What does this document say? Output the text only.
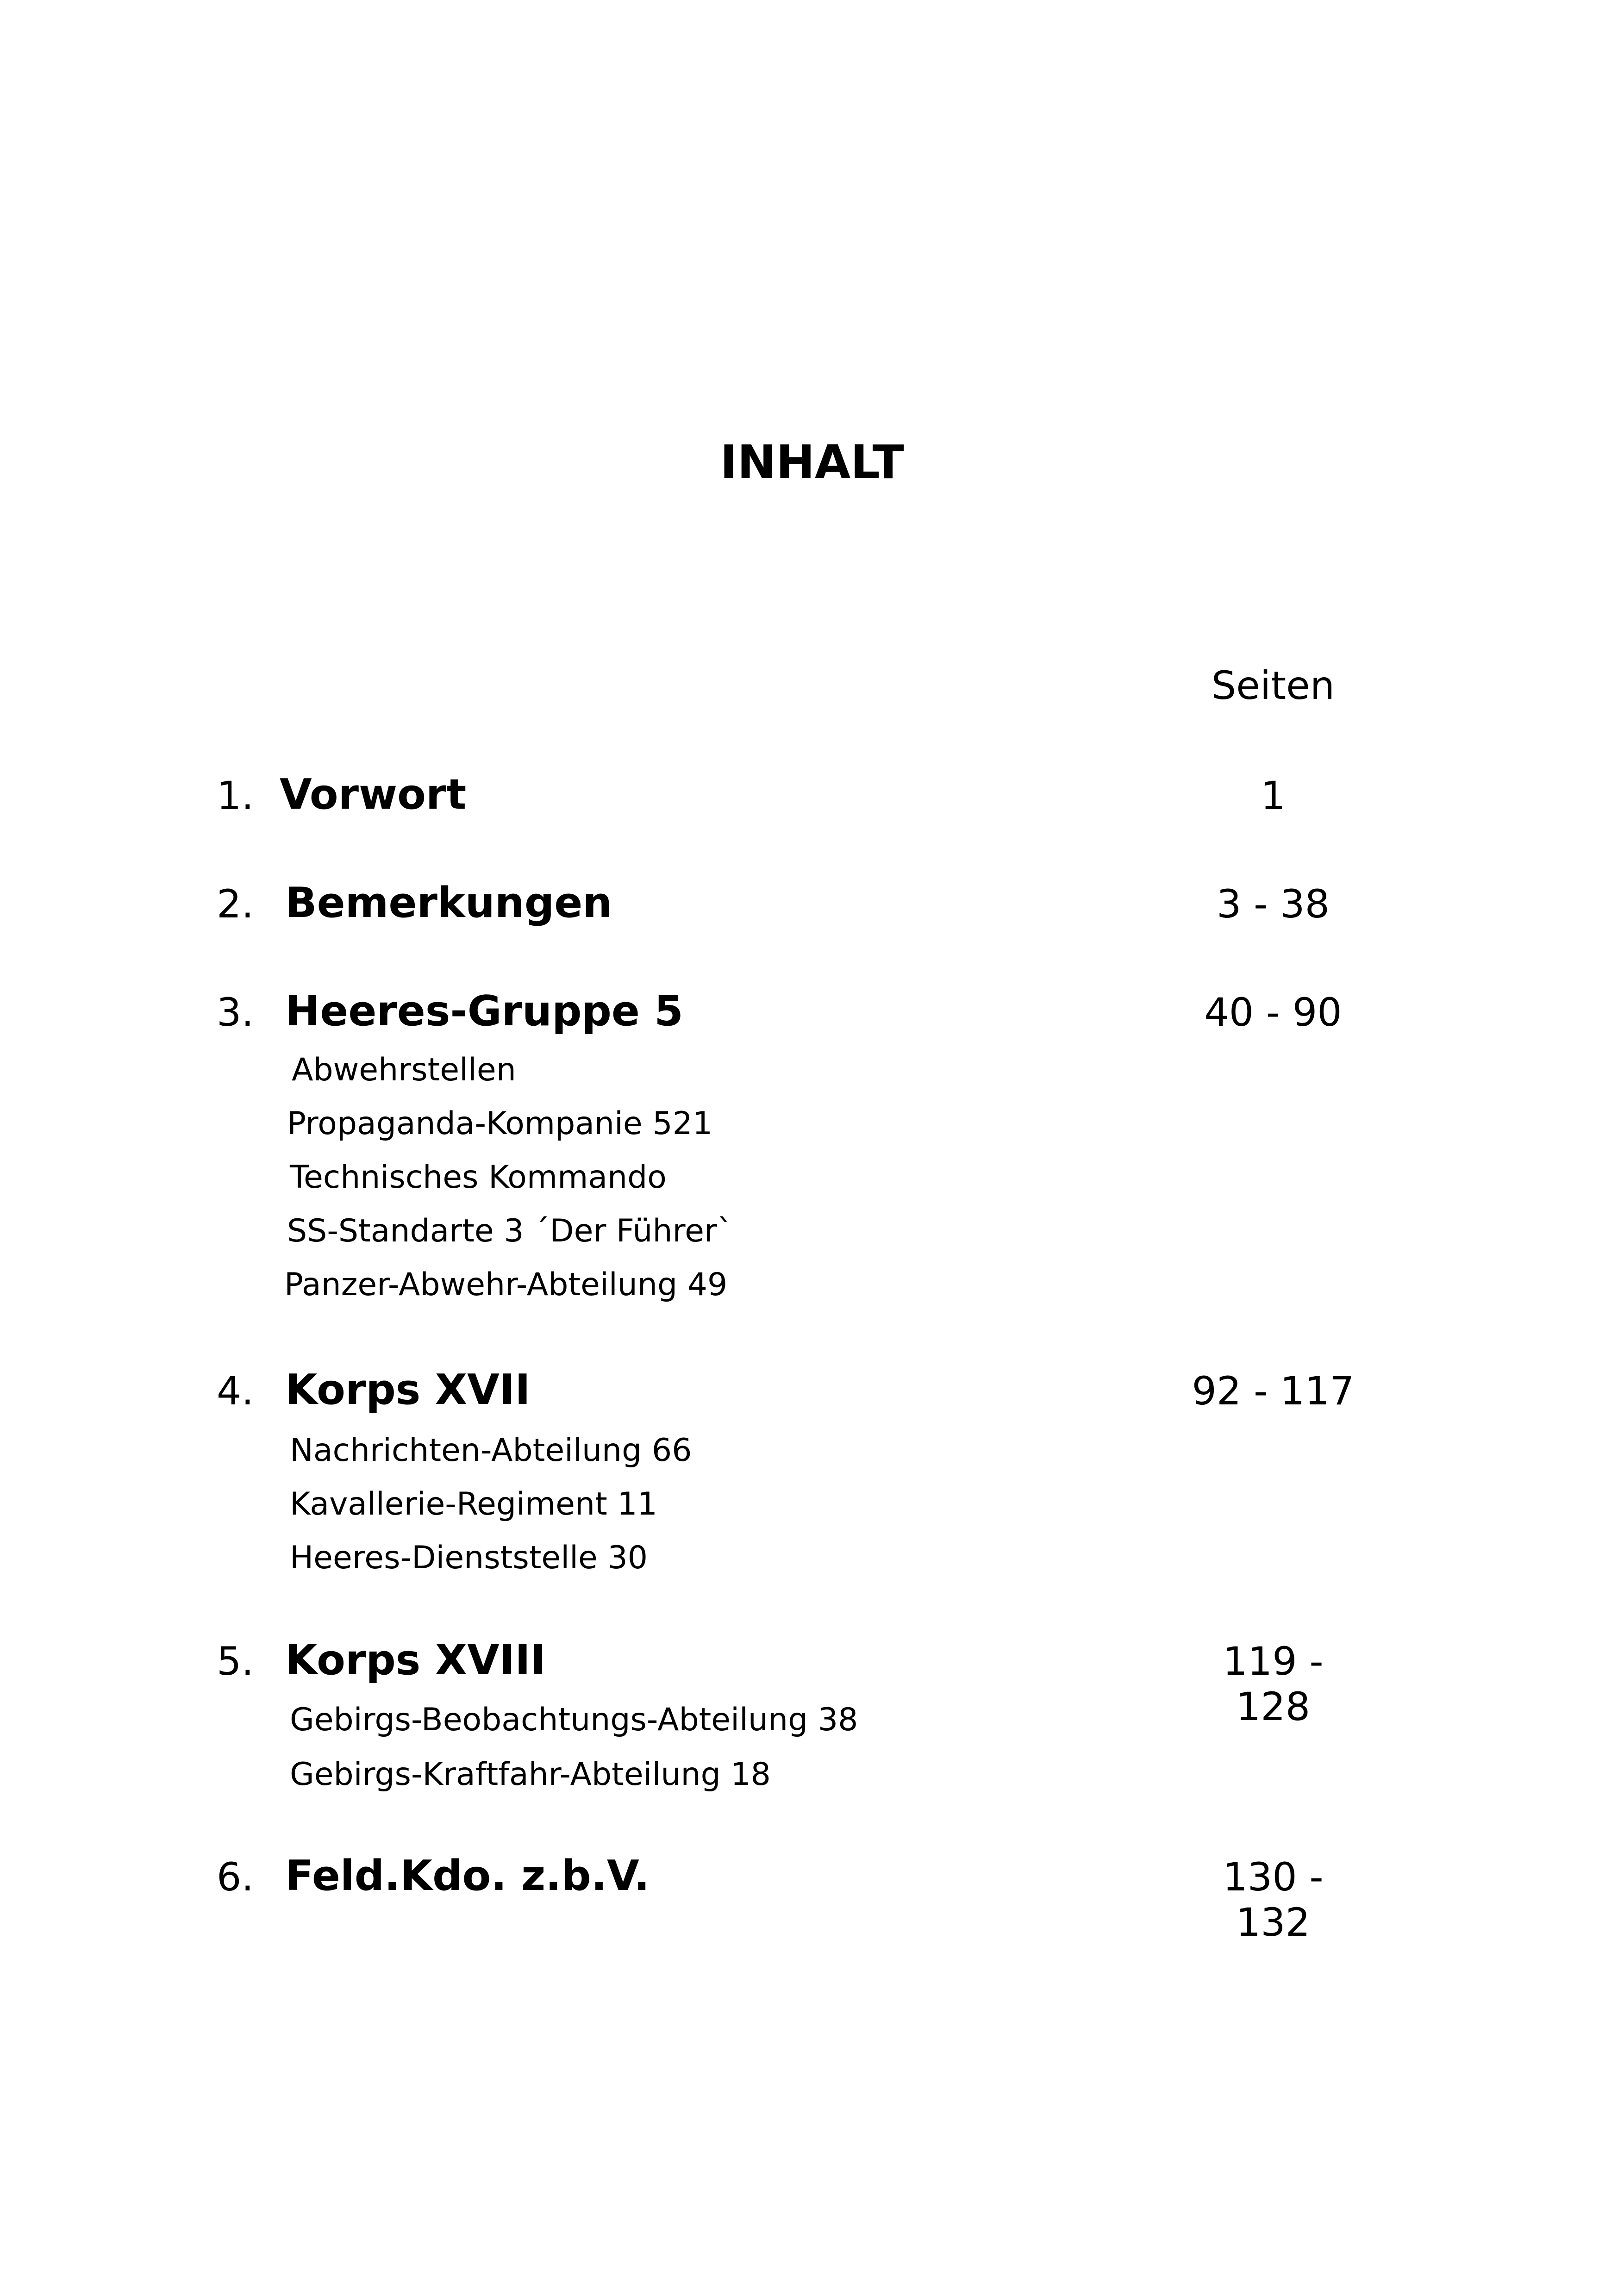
INHALT
Seiten
1. Vorwort	1
2. Bemerkungen	3 - 38
3. Heeres-Gruppe 5	40 - 90
Abwehrstellen
Propaganda-Kompanie 521
Technisches Kommando
SS-Standarte 3 ´Der Führer`
Panzer-Abwehr-Abteilung 49
4. Korps XVII	92 - 117
Nachrichten-Abteilung 66
Kavallerie-Regiment 11
Heeres-Dienststelle 30
5. Korps XVIII	119 - 128
Gebirgs-Beobachtungs-Abteilung 38
Gebirgs-Kraftfahr-Abteilung 18
6. Feld.Kdo. z.b.V.	130 - 132
